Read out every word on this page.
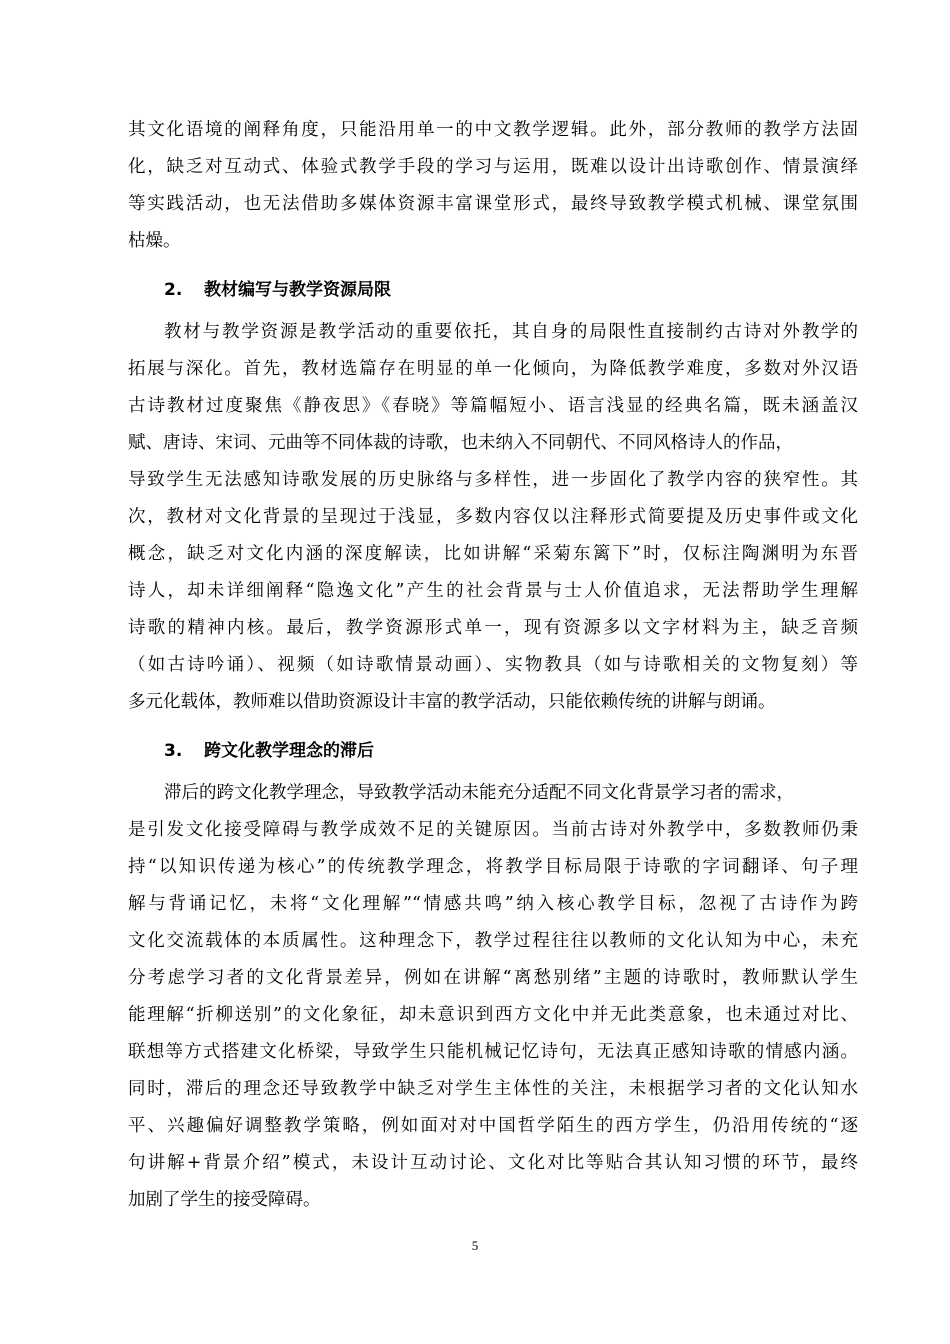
其文化语境的阐释角度，只能沿用单一的中文教学逻辑。此外，部分教师的教学方法固
化，缺乏对互动式、体验式教学手段的学习与运用，既难以设计出诗歌创作、情景演绎
等实践活动，也无法借助多媒体资源丰富课堂形式，最终导致教学模式机械、课堂氛围
枯燥。
2. 教材编写与教学资源局限
教材与教学资源是教学活动的重要依托，其自身的局限性直接制约古诗对外教学的
拓展与深化。首先，教材选篇存在明显的单一化倾向，为降低教学难度，多数对外汉语
古诗教材过度聚焦《静夜思》《春晓》等篇幅短小、语言浅显的经典名篇，既未涵盖汉
赋、唐诗、宋词、元曲等不同体裁的诗歌，也未纳入不同朝代、不同风格诗人的作品，
导致学生无法感知诗歌发展的历史脉络与多样性，进一步固化了教学内容的狭窄性。其
次，教材对文化背景的呈现过于浅显，多数内容仅以注释形式简要提及历史事件或文化
概念，缺乏对文化内涵的深度解读，比如讲解“采菊东篱下”时，仅标注陶渊明为东晋
诗人，却未详细阐释“隐逸文化”产生的社会背景与士人价值追求，无法帮助学生理解
诗歌的精神内核。最后，教学资源形式单一，现有资源多以文字材料为主，缺乏音频
（如古诗吟诵）、视频（如诗歌情景动画）、实物教具（如与诗歌相关的文物复刻）等
多元化载体，教师难以借助资源设计丰富的教学活动，只能依赖传统的讲解与朗诵。
3. 跨文化教学理念的滞后
滞后的跨文化教学理念，导致教学活动未能充分适配不同文化背景学习者的需求，
是引发文化接受障碍与教学成效不足的关键原因。当前古诗对外教学中，多数教师仍秉
持“以知识传递为核心”的传统教学理念，将教学目标局限于诗歌的字词翻译、句子理
解与背诵记忆，未将“文化理解”“情感共鸣”纳入核心教学目标，忽视了古诗作为跨
文化交流载体的本质属性。这种理念下，教学过程往往以教师的文化认知为中心，未充
分考虑学习者的文化背景差异，例如在讲解“离愁别绪”主题的诗歌时，教师默认学生
能理解“折柳送别”的文化象征，却未意识到西方文化中并无此类意象，也未通过对比、
联想等方式搭建文化桥梁，导致学生只能机械记忆诗句，无法真正感知诗歌的情感内涵。
同时，滞后的理念还导致教学中缺乏对学生主体性的关注，未根据学习者的文化认知水
平、兴趣偏好调整教学策略，例如面对对中国哲学陌生的西方学生，仍沿用传统的“逐
句讲解+背景介绍”模式，未设计互动讨论、文化对比等贴合其认知习惯的环节，最终
加剧了学生的接受障碍。
5
